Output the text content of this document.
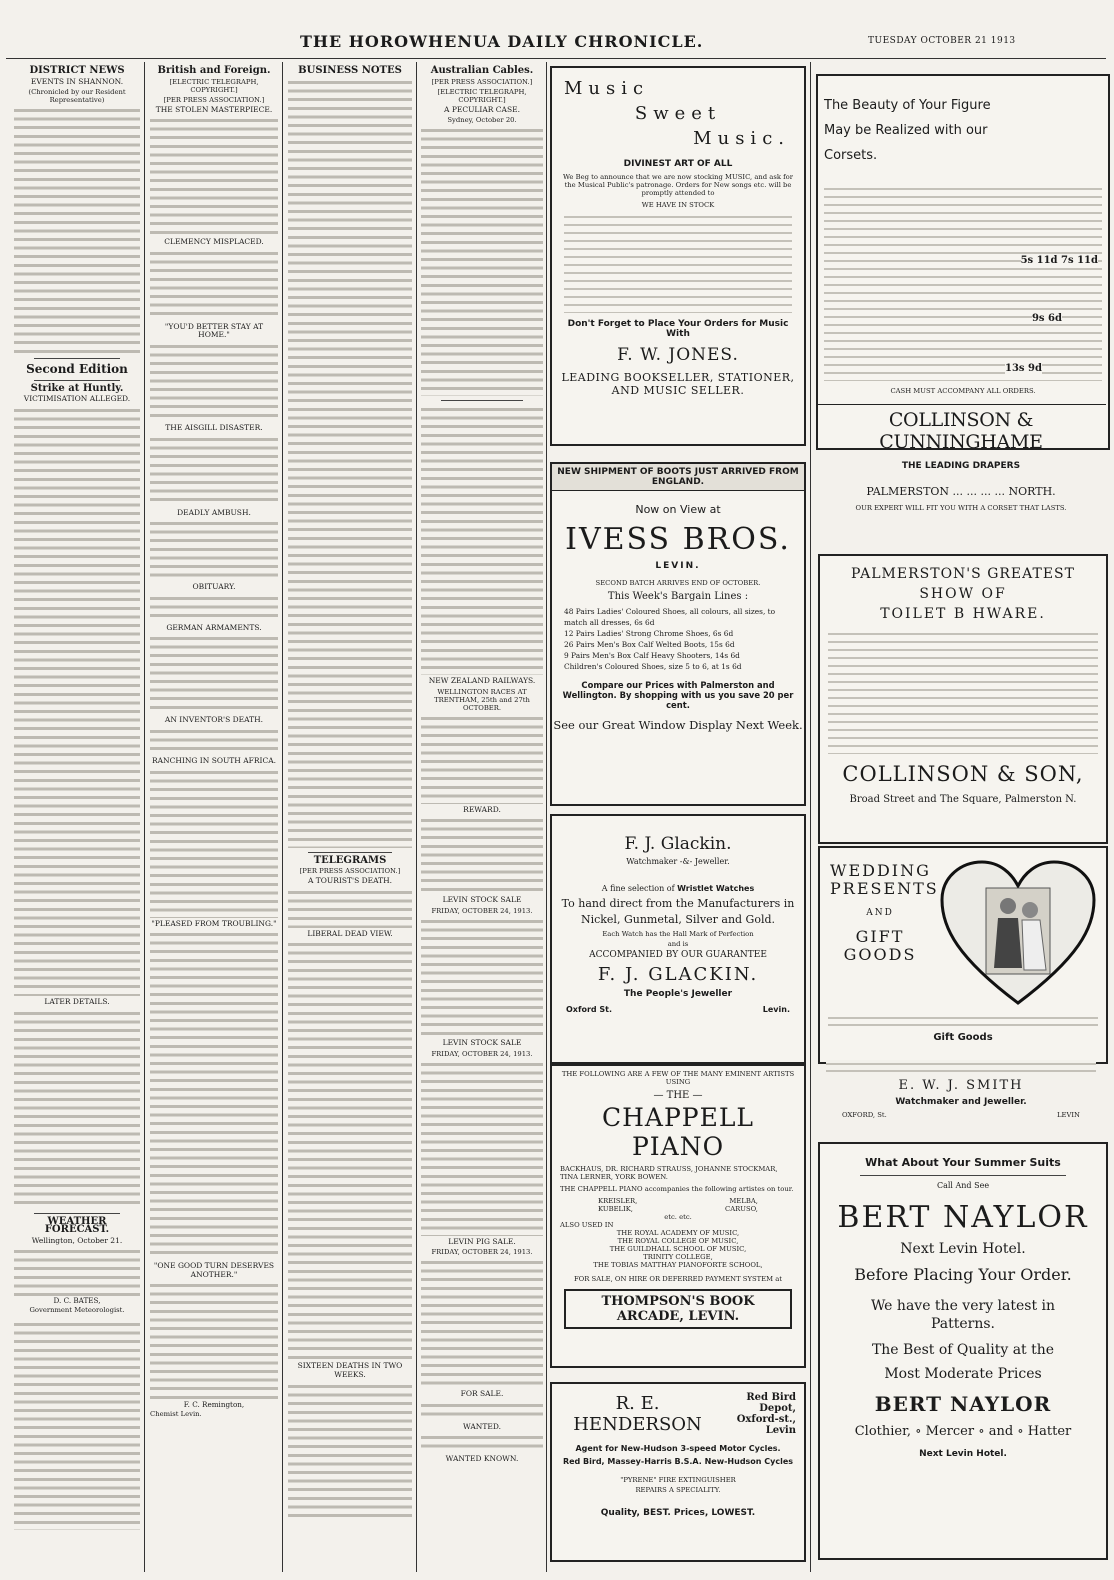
THE HOROWHENUA DAILY CHRONICLE.	TUESDAY OCTOBER 21 1913
DISTRICT NEWS
EVENTS IN SHANNON.
(Chronicled by our Resident Representative)
Second Edition
Strike at Huntly.
VICTIMISATION ALLEGED.
LATER DETAILS.
WEATHER FORECAST.
Wellington, October 21.
D. C. BATES,
Government Meteorologist.
British and Foreign.
[ELECTRIC TELEGRAPH, COPYRIGHT.]
[PER PRESS ASSOCIATION.]
THE STOLEN MASTERPIECE.
CLEMENCY MISPLACED.
"YOU'D BETTER STAY AT HOME."
THE AISGILL DISASTER.
DEADLY AMBUSH.
OBITUARY.
GERMAN ARMAMENTS.
AN INVENTOR'S DEATH.
RANCHING IN SOUTH AFRICA.
"PLEASED FROM TROUBLING."
"ONE GOOD TURN DESERVES ANOTHER."
F. C. Remington,
Chemist Levin.
BUSINESS NOTES
TELEGRAMS
[PER PRESS ASSOCIATION.]
A TOURIST'S DEATH.
LIBERAL DEAD VIEW.
SIXTEEN DEATHS IN TWO WEEKS.
Australian Cables.
[PER PRESS ASSOCIATION.]
[ELECTRIC TELEGRAPH, COPYRIGHT.]
A PECULIAR CASE.
Sydney, October 20.
NEW ZEALAND RAILWAYS.
WELLINGTON RACES AT TRENTHAM, 25th and 27th OCTOBER.
REWARD.
LEVIN STOCK SALE
FRIDAY, OCTOBER 24, 1913.
LEVIN STOCK SALE
FRIDAY, OCTOBER 24, 1913.
LEVIN PIG SALE.
FRIDAY, OCTOBER 24, 1913.
FOR SALE.
WANTED.
WANTED KNOWN.
Music
Sweet
Music.
DIVINEST ART OF ALL
We Beg to announce that we are now stocking MUSIC, and ask for the Musical Public's patronage. Orders for New songs etc. will be promptly attended to
WE HAVE IN STOCK
Don't Forget to Place Your Orders for Music With
F. W. JONES.
LEADING BOOKSELLER, STATIONER, AND MUSIC SELLER.
NEW SHIPMENT OF BOOTS JUST ARRIVED FROM ENGLAND.
Now on View at
IVESS BROS.
LEVIN.
SECOND BATCH ARRIVES END OF OCTOBER.
This Week's Bargain Lines :
48 Pairs Ladies' Coloured Shoes, all colours, all sizes, to match all dresses, 6s 6d
12 Pairs Ladies' Strong Chrome Shoes, 6s 6d
26 Pairs Men's Box Calf Welted Boots, 15s 6d
9 Pairs Men's Box Calf Heavy Shooters, 14s 6d
Children's Coloured Shoes, size 5 to 6, at 1s 6d
Compare our Prices with Palmerston and Wellington. By shopping with us you save 20 per cent.
See our Great Window Display Next Week.
F. J. Glackin.
Watchmaker -&- Jeweller.
A fine selection of Wristlet Watches
To hand direct from the Manufacturers in
Nickel, Gunmetal, Silver and Gold.
Each Watch has the Hall Mark of Perfection
and is
ACCOMPANIED BY OUR GUARANTEE
F. J. GLACKIN.
The People's Jeweller
Oxford St.	Levin.
THE FOLLOWING ARE A FEW OF THE MANY EMINENT ARTISTS USING
— THE —
CHAPPELL PIANO
BACKHAUS, DR. RICHARD STRAUSS, JOHANNE STOCKMAR, TINA LERNER, YORK BOWEN.
THE CHAPPELL PIANO accompanies the following artistes on tour.
KREISLER,	MELBA,
KUBELIK,	CARUSO,
etc. etc.
ALSO USED IN
THE ROYAL ACADEMY OF MUSIC,
THE ROYAL COLLEGE OF MUSIC,
THE GUILDHALL SCHOOL OF MUSIC,
TRINITY COLLEGE,
THE TOBIAS MATTHAY PIANOFORTE SCHOOL,
FOR SALE, ON HIRE OR DEFERRED PAYMENT SYSTEM at
THOMPSON'S BOOK ARCADE, LEVIN.
R. E. HENDERSON
Red Bird Depot,
Oxford-st., Levin
Agent for New-Hudson 3-speed Motor Cycles.
Red Bird, Massey-Harris B.S.A. New-Hudson Cycles
"PYRENE" FIRE EXTINGUISHER
REPAIRS A SPECIALITY.
Quality, BEST. Prices, LOWEST.
The Beauty of Your Figure
May be Realized with our
Corsets.
5s 11d 7s 11d
9s 6d
13s 9d
CASH MUST ACCOMPANY ALL ORDERS.
COLLINSON & CUNNINGHAME
THE LEADING DRAPERS
PALMERSTON ... ... ... ... NORTH.
OUR EXPERT WILL FIT YOU WITH A CORSET THAT LASTS.
PALMERSTON'S GREATEST
SHOW OF
TOILET B HWARE.
COLLINSON & SON,
Broad Street and The Square, Palmerston N.
WEDDING
PRESENTS
AND
GIFT
GOODS
Gift Goods
E. W. J. SMITH
Watchmaker and Jeweller.
OXFORD, St.	LEVIN
What About Your Summer Suits
Call And See
BERT NAYLOR
Next Levin Hotel.
Before Placing Your Order.
We have the very latest in
Patterns.
The Best of Quality at the
Most Moderate Prices
BERT NAYLOR
Clothier, ∘ Mercer ∘ and ∘ Hatter
Next Levin Hotel.
